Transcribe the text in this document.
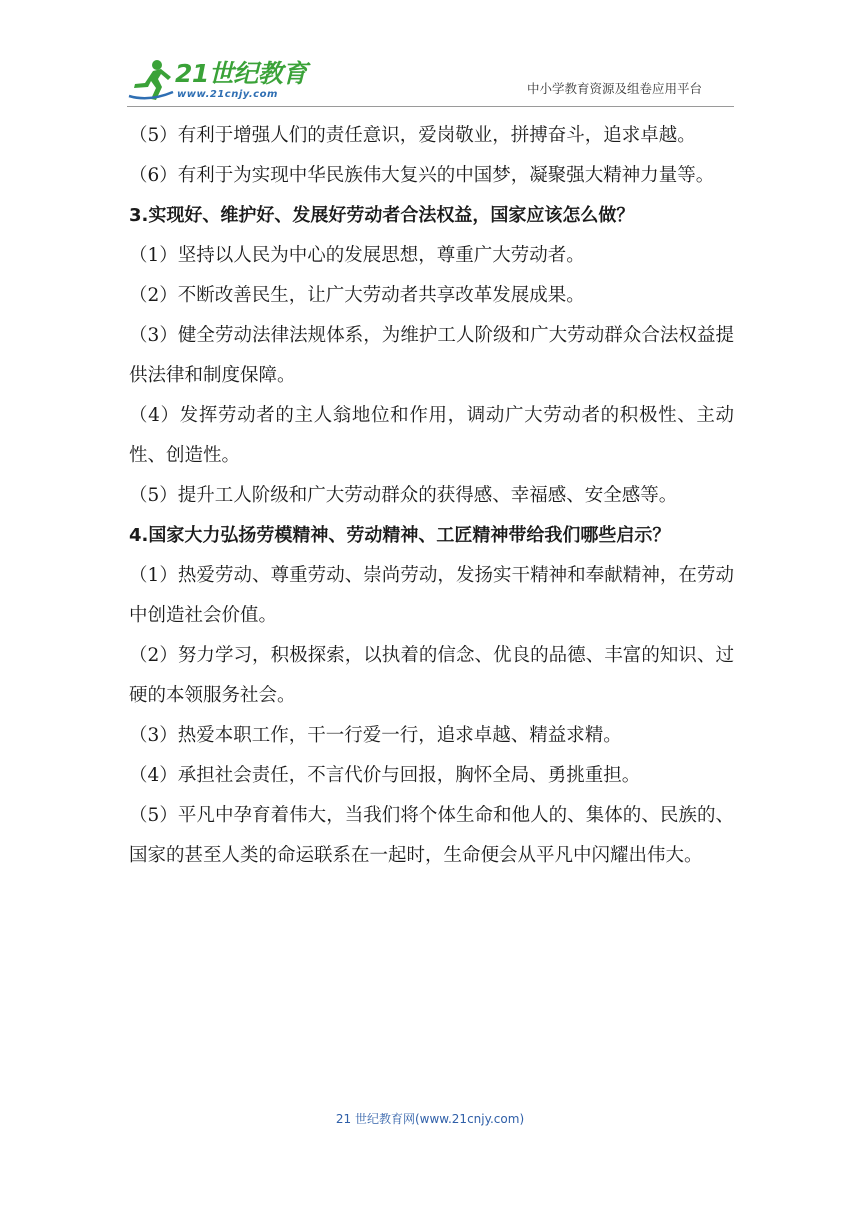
21世纪教育
www.21cnjy.com	中小学教育资源及组卷应用平台

（5）有利于增强人们的责任意识，爱岗敬业，拼搏奋斗，追求卓越。

（6）有利于为实现中华民族伟大复兴的中国梦，凝聚强大精神力量等。

3.实现好、维护好、发展好劳动者合法权益，国家应该怎么做？

（1）坚持以人民为中心的发展思想，尊重广大劳动者。

（2）不断改善民生，让广大劳动者共享改革发展成果。

（3）健全劳动法律法规体系，为维护工人阶级和广大劳动群众合法权益提供法律和制度保障。

（4）发挥劳动者的主人翁地位和作用，调动广大劳动者的积极性、主动性、创造性。

（5）提升工人阶级和广大劳动群众的获得感、幸福感、安全感等。

4.国家大力弘扬劳模精神、劳动精神、工匠精神带给我们哪些启示？

（1）热爱劳动、尊重劳动、崇尚劳动，发扬实干精神和奉献精神，在劳动中创造社会价值。

（2）努力学习，积极探索，以执着的信念、优良的品德、丰富的知识、过硬的本领服务社会。

（3）热爱本职工作，干一行爱一行，追求卓越、精益求精。

（4）承担社会责任，不言代价与回报，胸怀全局、勇挑重担。

（5）平凡中孕育着伟大，当我们将个体生命和他人的、集体的、民族的、国家的甚至人类的命运联系在一起时，生命便会从平凡中闪耀出伟大。

21 世纪教育网(www.21cnjy.com)
